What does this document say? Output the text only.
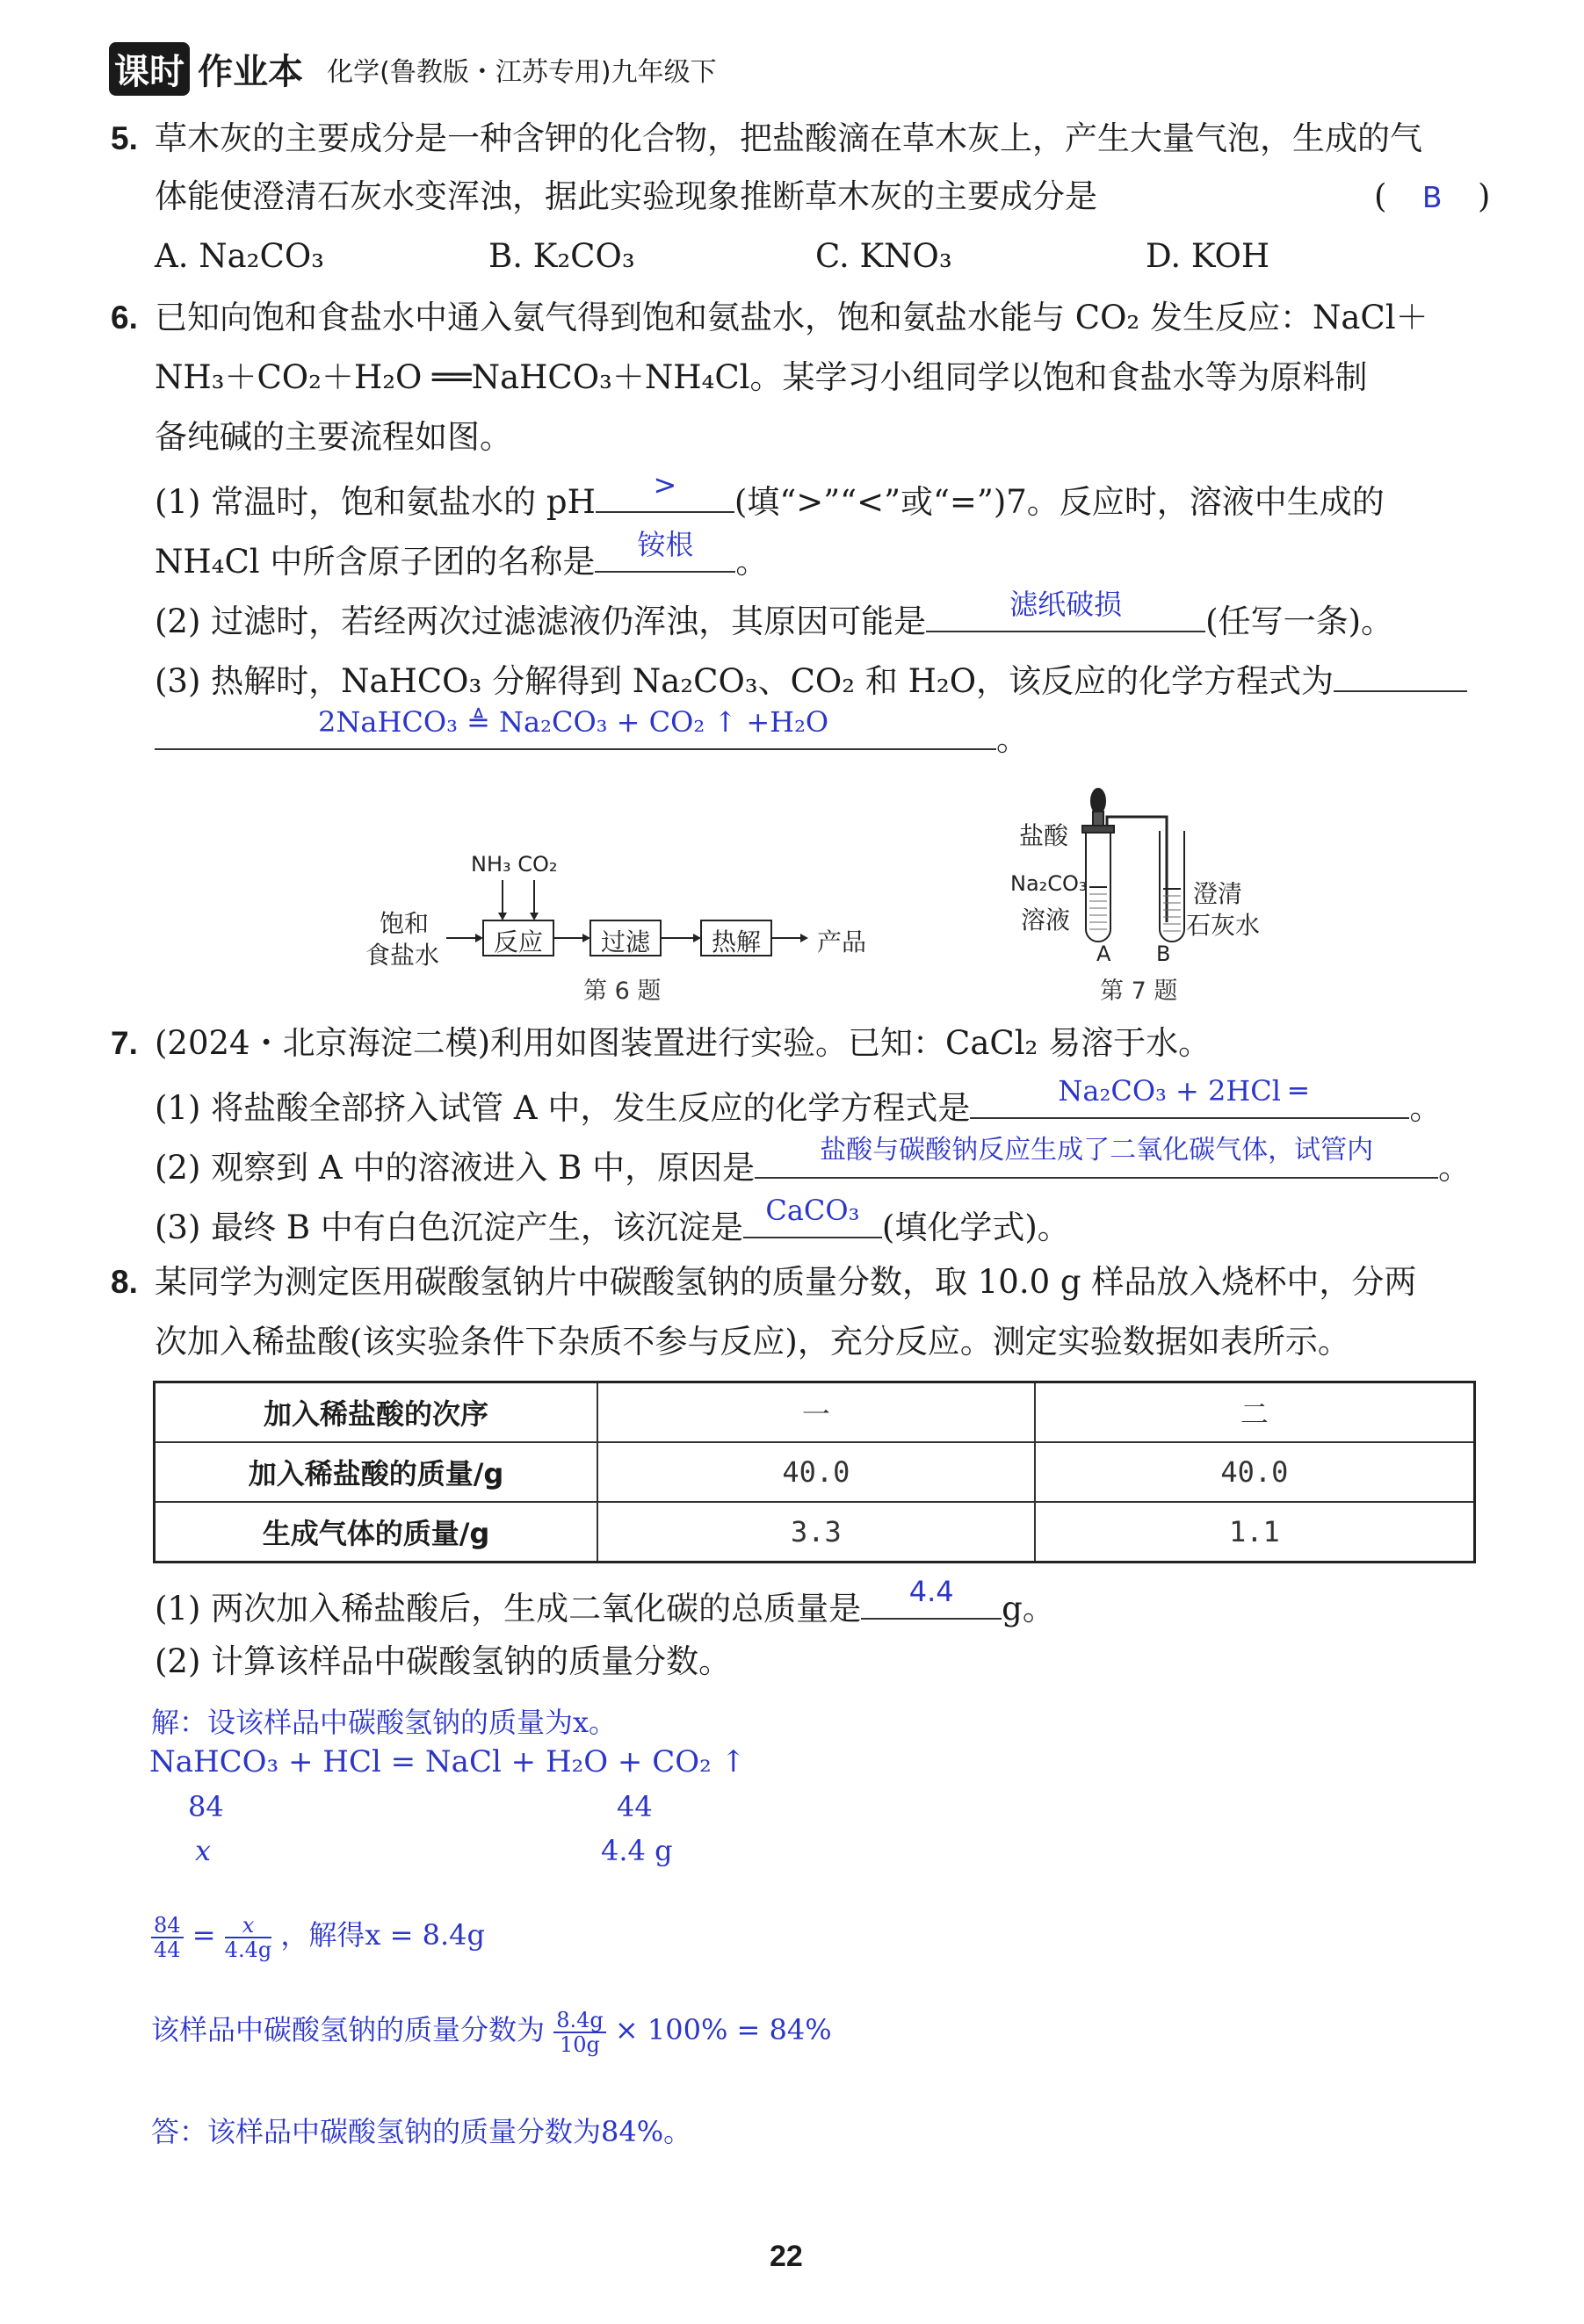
课时 作业本 化学(鲁教版・江苏专用)九年级下
5. 草木灰的主要成分是一种含钾的化合物，把盐酸滴在草木灰上，产生大量气泡，生成的气
体能使澄清石灰水变浑浊，据此实验现象推断草木灰的主要成分是	( B )
A. Na₂CO₃	B. K₂CO₃	C. KNO₃	D. KOH
6. 已知向饱和食盐水中通入氨气得到饱和氨盐水，饱和氨盐水能与 CO₂ 发生反应：NaCl＋
NH₃＋CO₂＋H₂O ══NaHCO₃＋NH₄Cl。某学习小组同学以饱和食盐水等为原料制
备纯碱的主要流程如图。
(1) 常温时，饱和氨盐水的 pH	>	(填“>”“<”或“=”)7。反应时，溶液中生成的
NH₄Cl 中所含原子团的名称是	铵根	。
(2) 过滤时，若经两次过滤滤液仍浑浊，其原因可能是	滤纸破损	(任写一条)。
(3) 热解时，NaHCO₃ 分解得到 Na₂CO₃、CO₂ 和 H₂O，该反应的化学方程式为
2NaHCO₃ ≜ Na₂CO₃ + CO₂ ↑ +H₂O	。
NH₃ CO₂
饱和
食盐水 反应 过滤 热解 产品
第 6 题
盐酸
Na₂CO₃
溶液
澄清
石灰水
A B
第 7 题
7. (2024・北京海淀二模)利用如图装置进行实验。已知：CaCl₂ 易溶于水。
(1) 将盐酸全部挤入试管 A 中，发生反应的化学方程式是	Na₂CO₃ + 2HCl ═	。
(2) 观察到 A 中的溶液进入 B 中，原因是	盐酸与碳酸钠反应生成了二氧化碳气体，试管内	。
(3) 最终 B 中有白色沉淀产生，该沉淀是 CaCO₃ (填化学式)。
8. 某同学为测定医用碳酸氢钠片中碳酸氢钠的质量分数，取 10.0 g 样品放入烧杯中，分两
次加入稀盐酸(该实验条件下杂质不参与反应)，充分反应。测定实验数据如表所示。
加入稀盐酸的次序	一	二
加入稀盐酸的质量/g	40.0	40.0
生成气体的质量/g	3.3	1.1
(1) 两次加入稀盐酸后，生成二氧化碳的总质量是	4.4	g。
(2) 计算该样品中碳酸氢钠的质量分数。
解：设该样品中碳酸氢钠的质量为x。
NaHCO₃ + HCl = NaCl + H₂O + CO₂ ↑
84	44
x	4.4 g
$\frac{84}{44} = \frac{x}{4.4g}$ ，解得x = 8.4g
该样品中碳酸氢钠的质量分数为 $\frac{8.4g}{10g} \times 100\% = 84\%$
答：该样品中碳酸氢钠的质量分数为84%。
22
